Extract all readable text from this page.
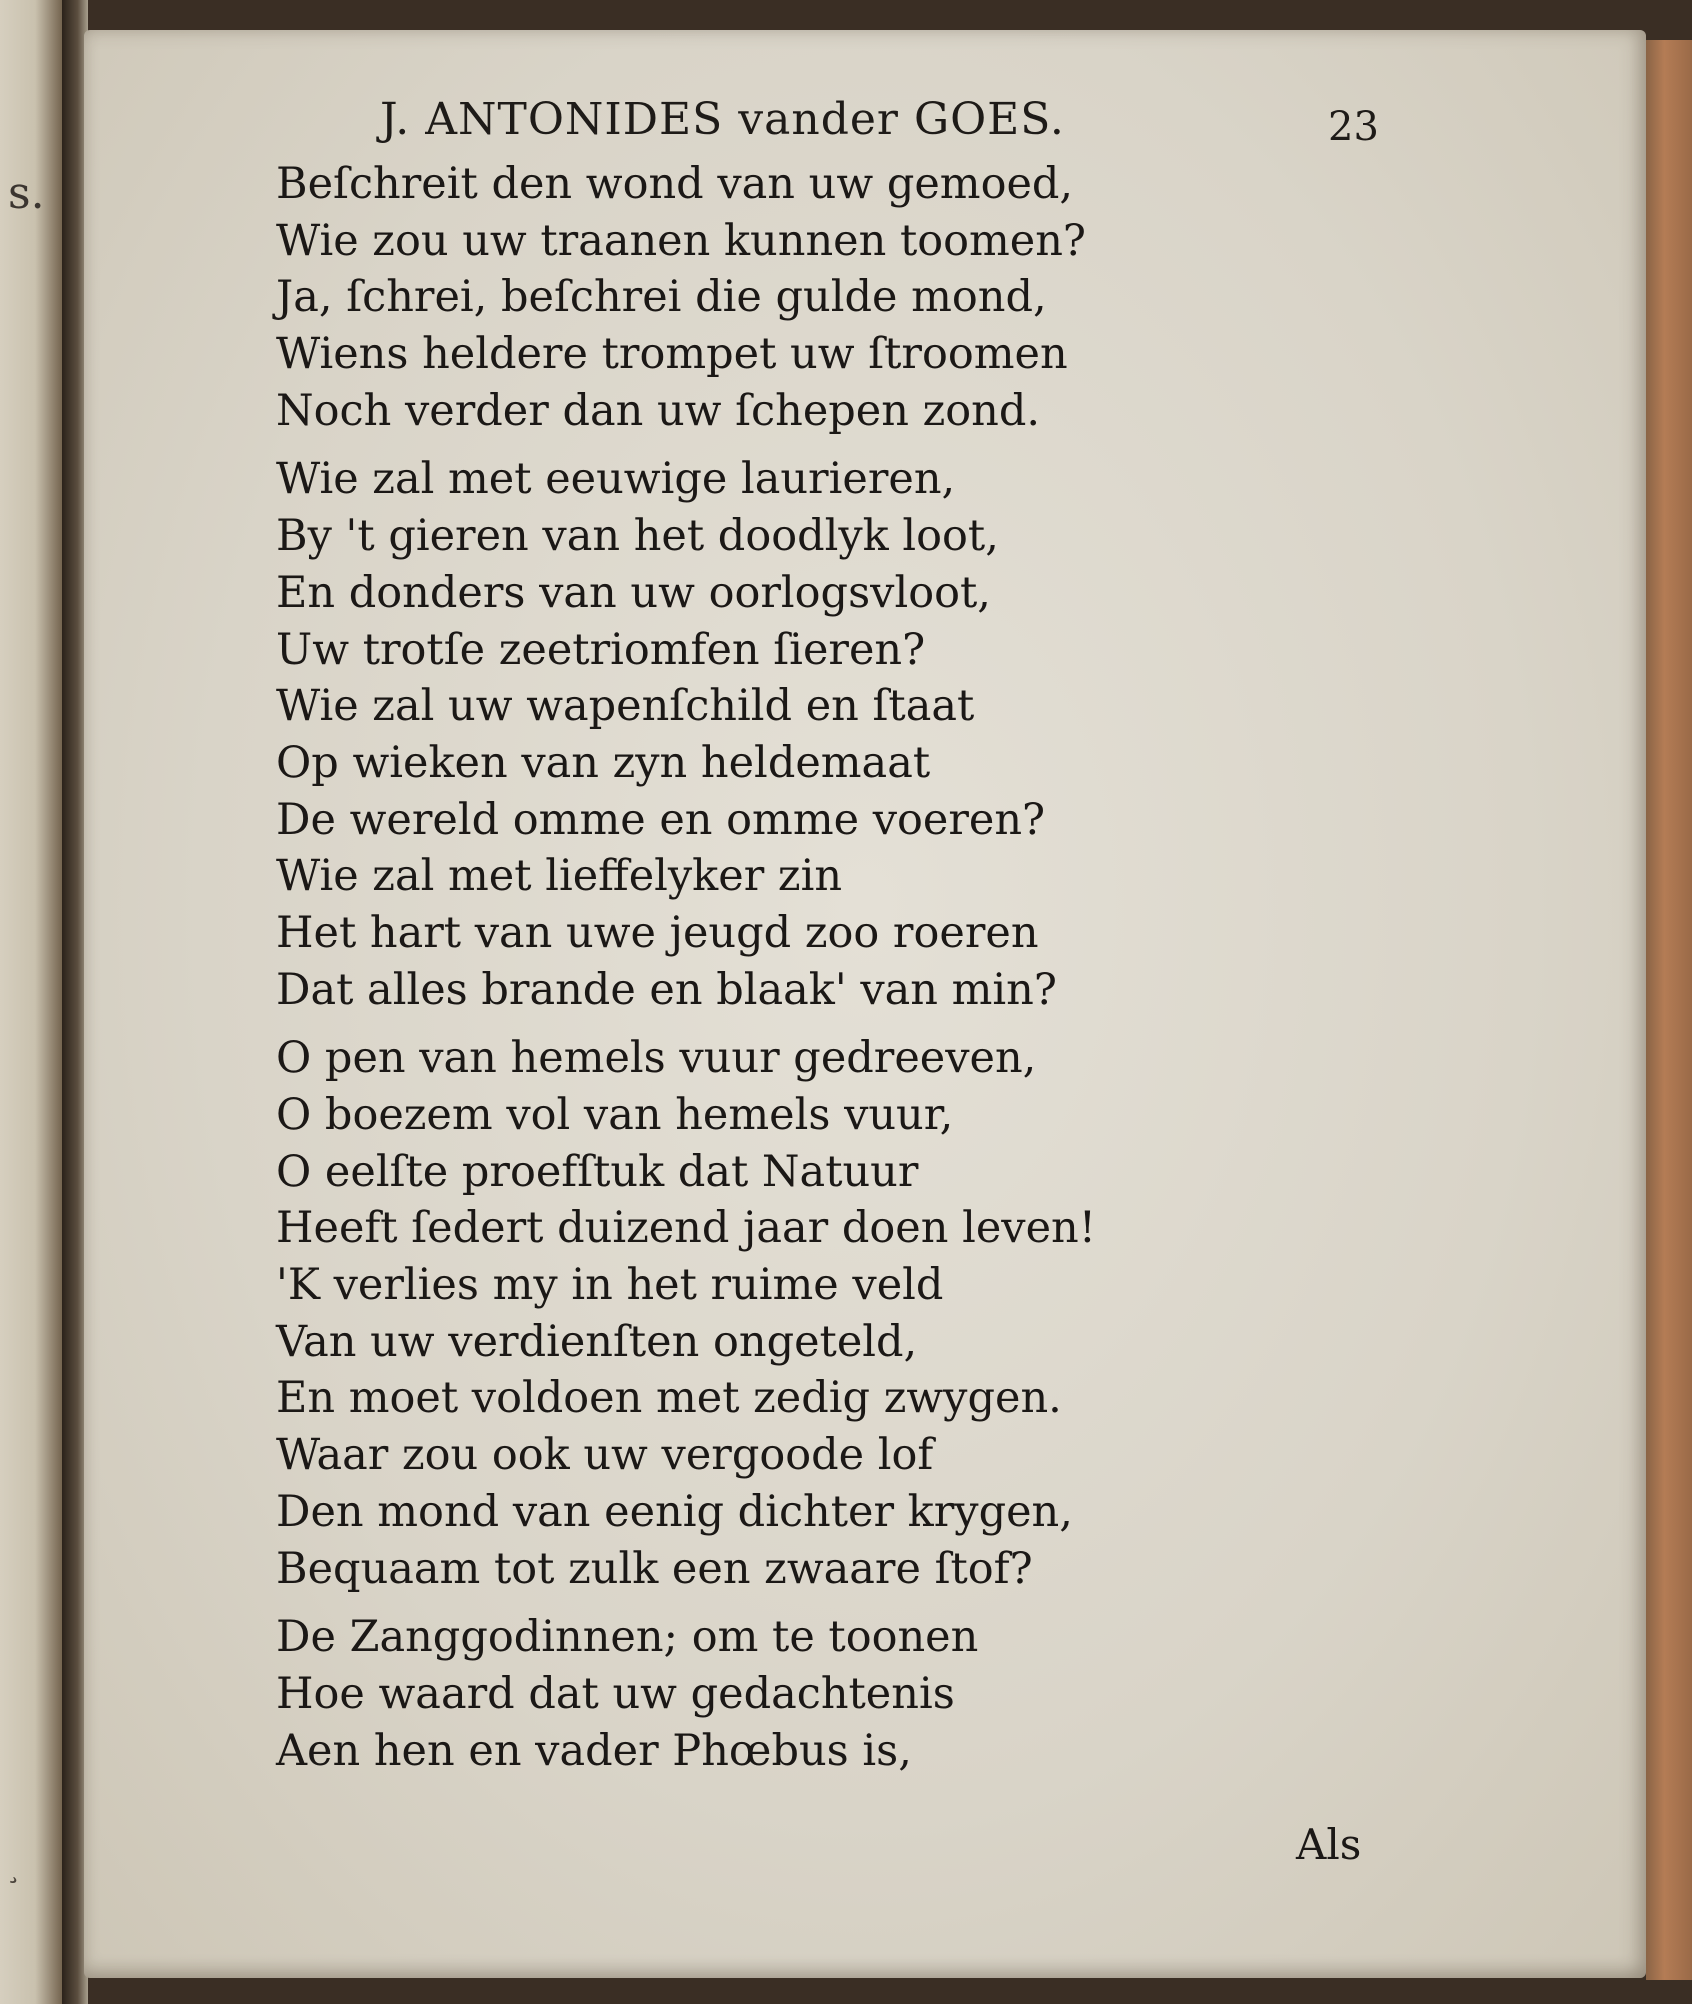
s.
¸
J. ANTONIDES vander GOES.	23
Beſchreit den wond van uw gemoed,
Wie zou uw traanen kunnen toomen?
Ja, ſchrei, beſchrei die gulde mond,
Wiens heldere trompet uw ſtroomen
Noch verder dan uw ſchepen zond.
Wie zal met eeuwige laurieren,
By 't gieren van het doodlyk loot,
En donders van uw oorlogsvloot,
Uw trotſe zeetriomfen ſieren?
Wie zal uw wapenſchild en ſtaat
Op wieken van zyn heldemaat
De wereld omme en omme voeren?
Wie zal met lieffelyker zin
Het hart van uwe jeugd zoo roeren
Dat alles brande en blaak' van min?
O pen van hemels vuur gedreeven,
O boezem vol van hemels vuur,
O eelſte proefſtuk dat Natuur
Heeft ſedert duizend jaar doen leven!
'K verlies my in het ruime veld
Van uw verdienſten ongeteld,
En moet voldoen met zedig zwygen.
Waar zou ook uw vergoode lof
Den mond van eenig dichter krygen,
Bequaam tot zulk een zwaare ſtof?
De Zanggodinnen; om te toonen
Hoe waard dat uw gedachtenis
Aen hen en vader Phœbus is,
Als
